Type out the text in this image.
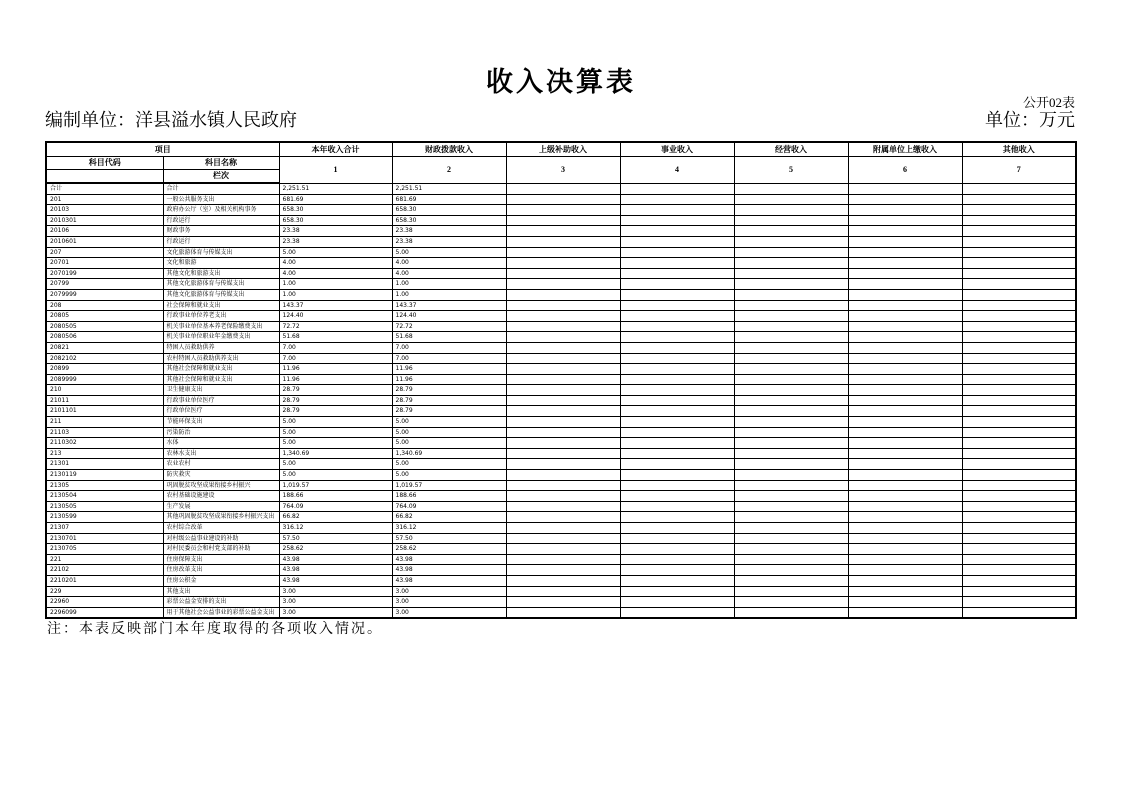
收入决算表
公开02表
编制单位：洋县溢水镇人民政府	单位：万元
项目		本年收入合计	财政拨款收入	上级补助收入	事业收入	经营收入	附属单位上缴收入	其他收入
科目代码	科目名称	1	2	3	4	5	6	7
	栏次							
合计	合计	2,251.51	2,251.51					
201	一般公共服务支出	681.69	681.69					
20103	政府办公厅（室）及相关机构事务	658.30	658.30					
2010301	行政运行	658.30	658.30					
20106	财政事务	23.38	23.38					
2010601	行政运行	23.38	23.38					
207	文化旅游体育与传媒支出	5.00	5.00					
20701	文化和旅游	4.00	4.00					
2070199	其他文化和旅游支出	4.00	4.00					
20799	其他文化旅游体育与传媒支出	1.00	1.00					
2079999	其他文化旅游体育与传媒支出	1.00	1.00					
208	社会保障和就业支出	143.37	143.37					
20805	行政事业单位养老支出	124.40	124.40					
2080505	机关事业单位基本养老保险缴费支出	72.72	72.72					
2080506	机关事业单位职业年金缴费支出	51.68	51.68					
20821	特困人员救助供养	7.00	7.00					
2082102	农村特困人员救助供养支出	7.00	7.00					
20899	其他社会保障和就业支出	11.96	11.96					
2089999	其他社会保障和就业支出	11.96	11.96					
210	卫生健康支出	28.79	28.79					
21011	行政事业单位医疗	28.79	28.79					
2101101	行政单位医疗	28.79	28.79					
211	节能环保支出	5.00	5.00					
21103	污染防治	5.00	5.00					
2110302	水体	5.00	5.00					
213	农林水支出	1,340.69	1,340.69					
21301	农业农村	5.00	5.00					
2130119	防灾救灾	5.00	5.00					
21305	巩固脱贫攻坚成果衔接乡村振兴	1,019.57	1,019.57					
2130504	农村基础设施建设	188.66	188.66					
2130505	生产发展	764.09	764.09					
2130599	其他巩固脱贫攻坚成果衔接乡村振兴支出	66.82	66.82					
21307	农村综合改革	316.12	316.12					
2130701	对村级公益事业建设的补助	57.50	57.50					
2130705	对村民委员会和村党支部的补助	258.62	258.62					
221	住房保障支出	43.98	43.98					
22102	住房改革支出	43.98	43.98					
2210201	住房公积金	43.98	43.98					
229	其他支出	3.00	3.00					
22960	彩票公益金安排的支出	3.00	3.00					
2296099	用于其他社会公益事业的彩票公益金支出	3.00	3.00					
注：本表反映部门本年度取得的各项收入情况。
